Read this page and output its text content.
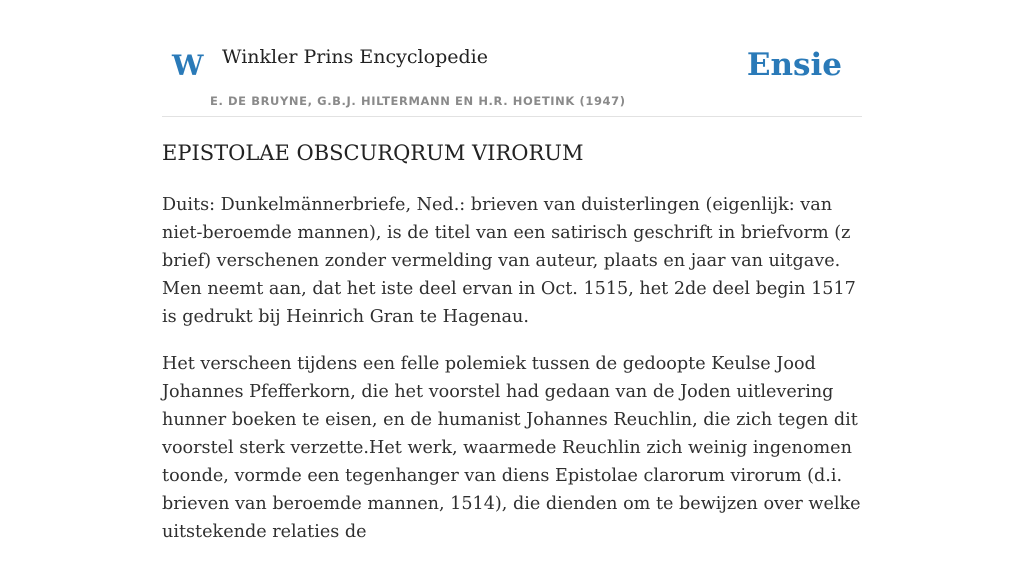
W Winkler Prins Encyclopedie
E. DE BRUYNE, G.B.J. HILTERMANN EN H.R. HOETINK (1947)
Ensie
EPISTOLAE OBSCURQRUM VIRORUM

Duits: Dunkelmännerbriefe, Ned.: brieven van duisterlingen (eigenlijk: van niet-beroemde mannen), is de titel van een satirisch geschrift in briefvorm (z brief) verschenen zonder vermelding van auteur, plaats en jaar van uitgave. Men neemt aan, dat het iste deel ervan in Oct. 1515, het 2de deel begin 1517 is gedrukt bij Heinrich Gran te Hagenau.

Het verscheen tijdens een felle polemiek tussen de gedoopte Keulse Jood Johannes Pfefferkorn, die het voorstel had gedaan van de Joden uitlevering hunner boeken te eisen, en de humanist Johannes Reuchlin, die zich tegen dit voorstel sterk verzette.Het werk, waarmede Reuchlin zich weinig ingenomen toonde, vormde een tegenhanger van diens Epistolae clarorum virorum (d.i. brieven van beroemde mannen, 1514), die dienden om te bewijzen over welke uitstekende relaties de
